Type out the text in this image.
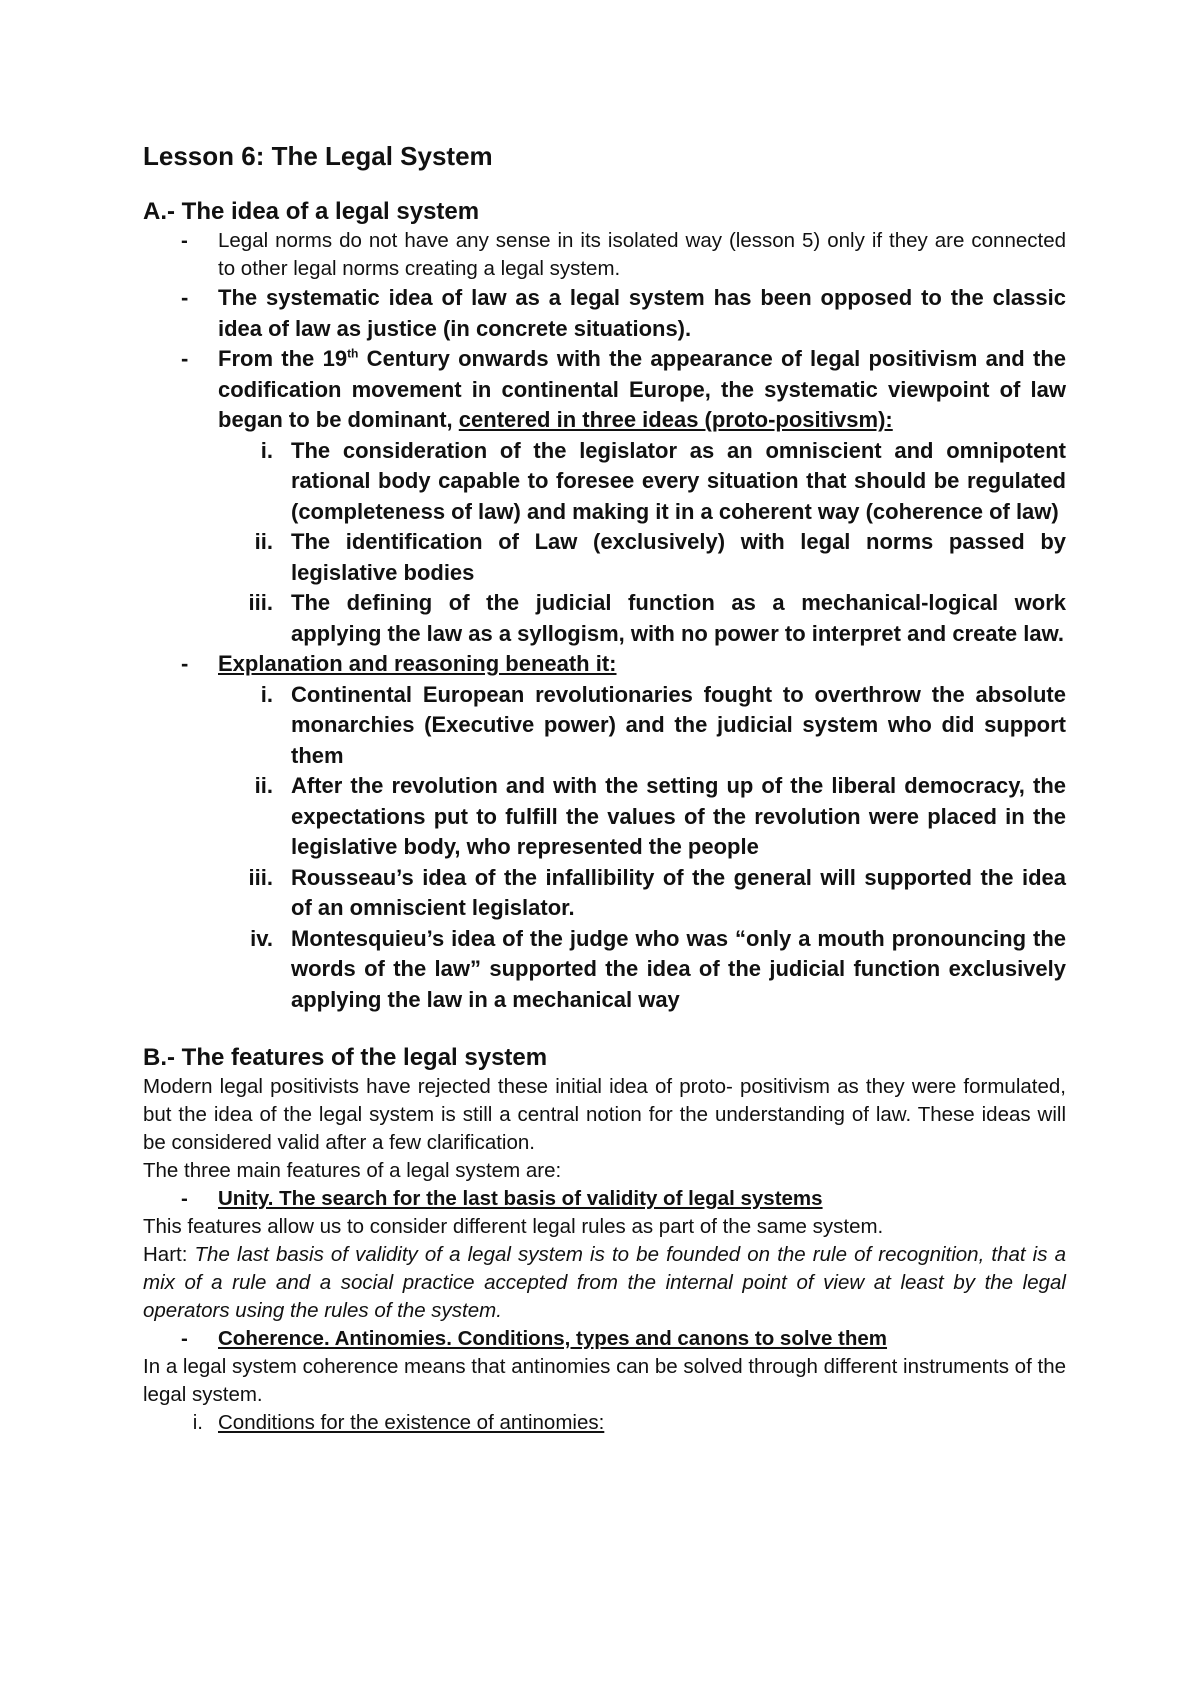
Lesson 6: The Legal System
A.- The idea of a legal system
- Legal norms do not have any sense in its isolated way (lesson 5) only if they are connected to other legal norms creating a legal system.
- The systematic idea of law as a legal system has been opposed to the classic idea of law as justice (in concrete situations).
- From the 19th Century onwards with the appearance of legal positivism and the codification movement in continental Europe, the systematic viewpoint of law began to be dominant, centered in three ideas (proto-positivsm):
i. The consideration of the legislator as an omniscient and omnipotent rational body capable to foresee every situation that should be regulated (completeness of law) and making it in a coherent way (coherence of law)
ii. The identification of Law (exclusively) with legal norms passed by legislative bodies
iii. The defining of the judicial function as a mechanical-logical work applying the law as a syllogism, with no power to interpret and create law.
- Explanation and reasoning beneath it:
i. Continental European revolutionaries fought to overthrow the absolute monarchies (Executive power) and the judicial system who did support them
ii. After the revolution and with the setting up of the liberal democracy, the expectations put to fulfill the values of the revolution were placed in the legislative body, who represented the people
iii. Rousseau’s idea of the infallibility of the general will supported the idea of an omniscient legislator.
iv. Montesquieu’s idea of the judge who was “only a mouth pronouncing the words of the law” supported the idea of the judicial function exclusively applying the law in a mechanical way
B.- The features of the legal system
Modern legal positivists have rejected these initial idea of proto- positivism as they were formulated, but the idea of the legal system is still a central notion for the understanding of law. These ideas will be considered valid after a few clarification.
The three main features of a legal system are:
- Unity. The search for the last basis of validity of legal systems
This features allow us to consider different legal rules as part of the same system.
Hart: The last basis of validity of a legal system is to be founded on the rule of recognition, that is a mix of a rule and a social practice accepted from the internal point of view at least by the legal operators using the rules of the system.
- Coherence. Antinomies. Conditions, types and canons to solve them
In a legal system coherence means that antinomies can be solved through different instruments of the legal system.
i. Conditions for the existence of antinomies:
